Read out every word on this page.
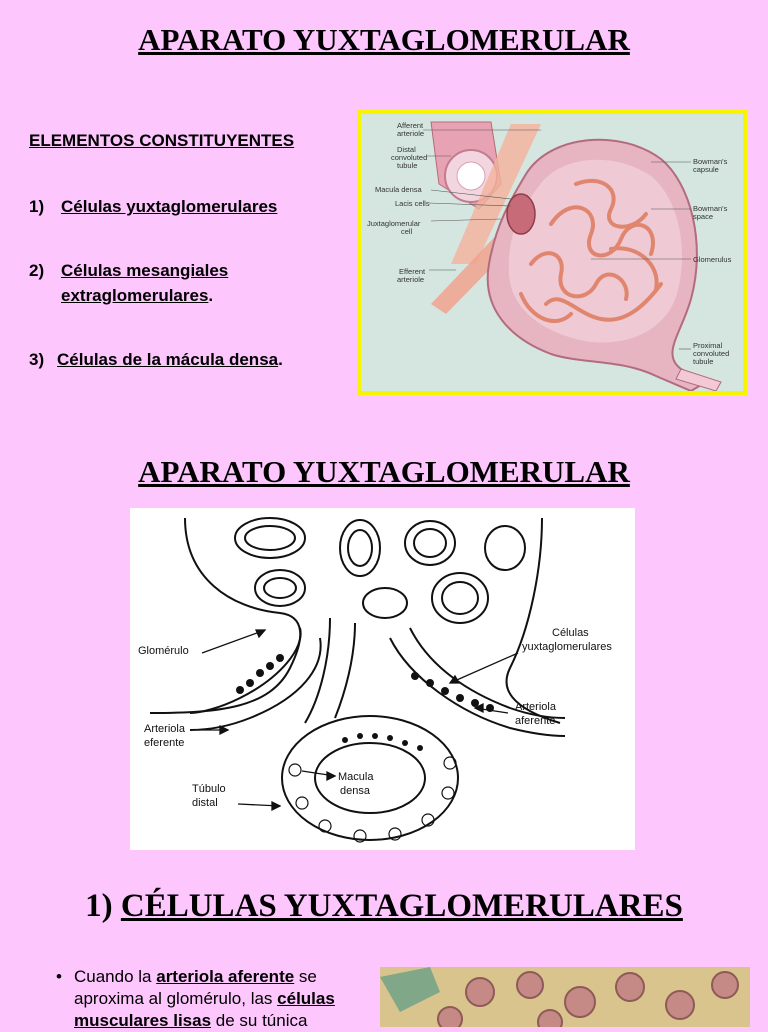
APARATO YUXTAGLOMERULAR
ELEMENTOS CONSTITUYENTES
1) Células yuxtaglomerulares
2) Células mesangiales
extraglomerulares.
3) Células de la mácula densa.
Afferent arteriole
Distal convoluted tubule
Macula densa
Lacis cells
Juxtaglomerular cell
Efferent arteriole
Bowman's capsule
Bowman's space
Glomerulus
Proximal convoluted tubule
APARATO YUXTAGLOMERULAR
Glomérulo
Células yuxtaglomerulares
Arteriola aferente
Arteriola eferente
Macula densa
Túbulo distal
1) CÉLULAS YUXTAGLOMERULARES
• Cuando la arteriola aferente se aproxima al glomérulo, las células musculares lisas de su túnica
